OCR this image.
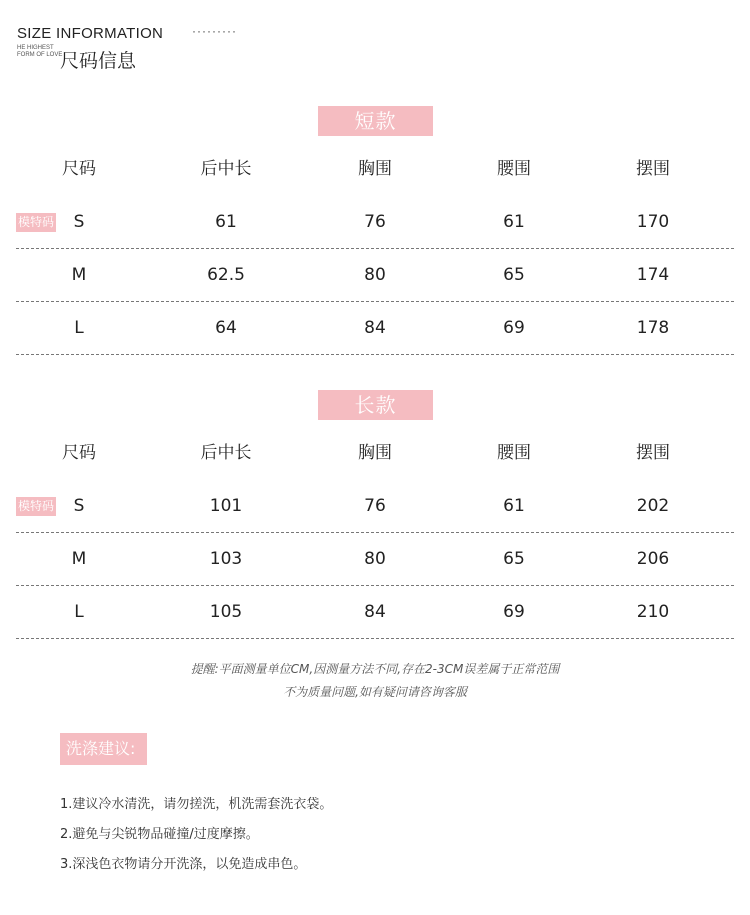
SIZE INFORMATION ·········
HE HIGHEST
FORM OF LOVE
尺码信息
短款
尺码	后中长	胸围	腰围	摆围
模特码 S	61	76	61	170
M	62.5	80	65	174
L	64	84	69	178
长款
尺码	后中长	胸围	腰围	摆围
模特码 S	101	76	61	202
M	103	80	65	206
L	105	84	69	210
提醒:平面测量单位CM,因测量方法不同,存在2-3CM误差属于正常范围
不为质量问题,如有疑问请咨询客服
洗涤建议:
1.建议冷水清洗，请勿搓洗，机洗需套洗衣袋。
2.避免与尖锐物品碰撞/过度摩擦。
3.深浅色衣物请分开洗涤，以免造成串色。
